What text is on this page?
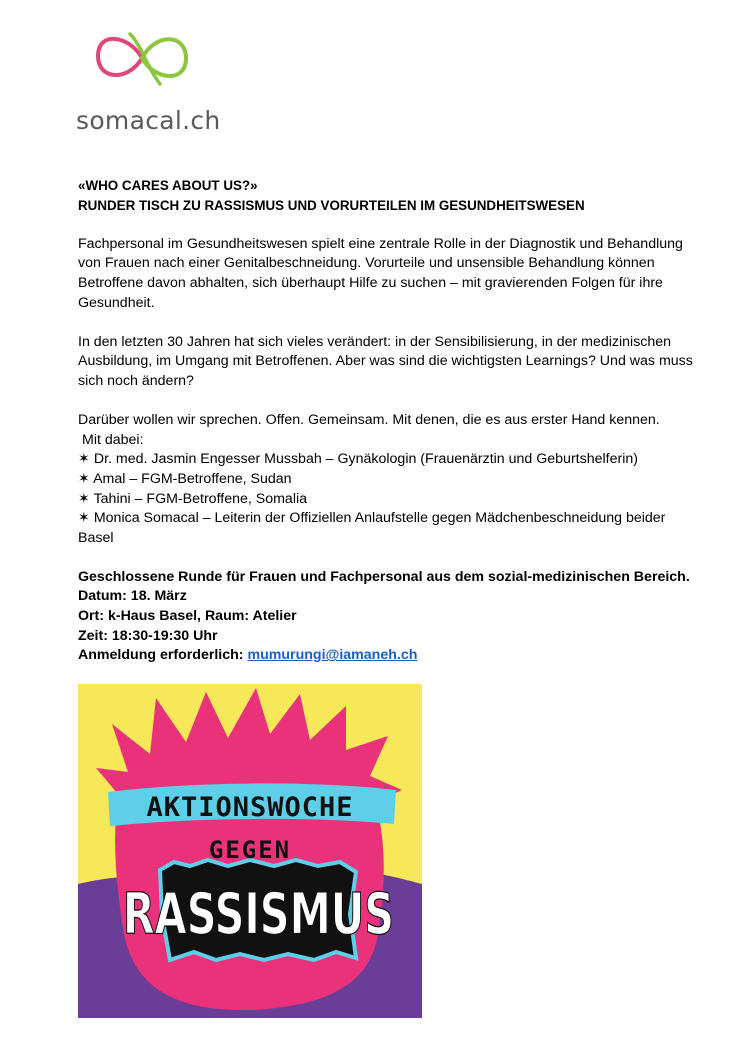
somacal.ch

«WHO CARES ABOUT US?»

RUNDER TISCH ZU RASSISMUS UND VORURTEILEN IM GESUNDHEITSWESEN

Fachpersonal im Gesundheitswesen spielt eine zentrale Rolle in der Diagnostik und Behandlung von Frauen nach einer Genitalbeschneidung. Vorurteile und unsensible Behandlung können Betroffene davon abhalten, sich überhaupt Hilfe zu suchen – mit gravierenden Folgen für ihre Gesundheit.

In den letzten 30 Jahren hat sich vieles verändert: in der Sensibilisierung, in der medizinischen Ausbildung, im Umgang mit Betroffenen. Aber was sind die wichtigsten Learnings? Und was muss sich noch ändern?

Darüber wollen wir sprechen. Offen. Gemeinsam. Mit denen, die es aus erster Hand kennen.

Mit dabei:

✶ Dr. med. Jasmin Engesser Mussbah – Gynäkologin (Frauenärztin und Geburtshelferin)

✶ Amal – FGM-Betroffene, Sudan

✶ Tahini – FGM-Betroffene, Somalia

✶ Monica Somacal – Leiterin der Offiziellen Anlaufstelle gegen Mädchenbeschneidung beider Basel

Geschlossene Runde für Frauen und Fachpersonal aus dem sozial-medizinischen Bereich.

Datum: 18. März

Ort: k-Haus Basel, Raum: Atelier

Zeit: 18:30-19:30 Uhr

Anmeldung erforderlich: mumurungi@iamaneh.ch

AKTIONSWOCHE
GEGEN
RASSISMUS
